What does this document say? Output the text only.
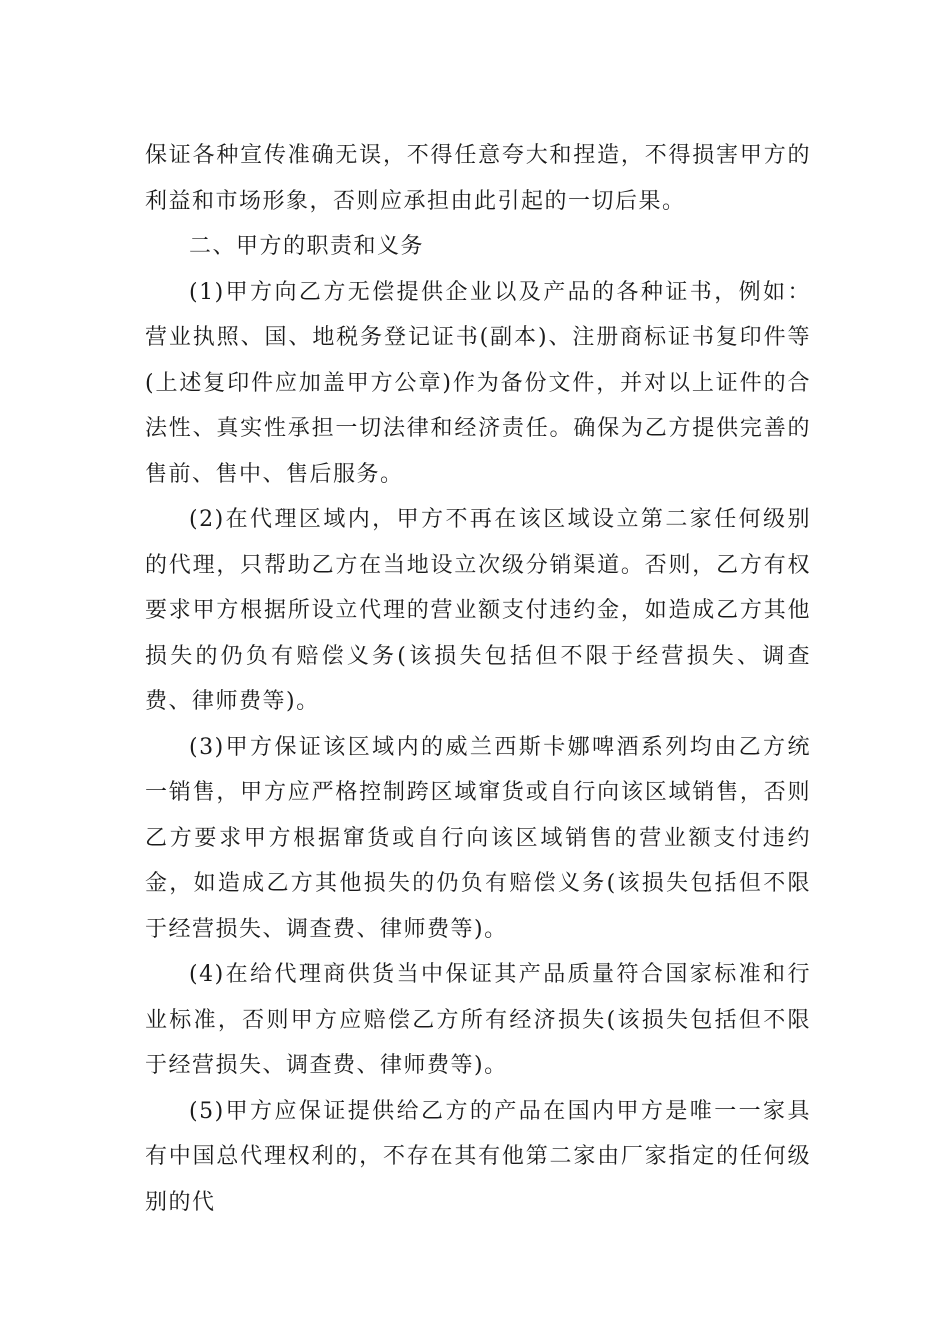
保证各种宣传准确无误，不得任意夸大和捏造，不得损害甲方的利益和市场形象，否则应承担由此引起的一切后果。

二、甲方的职责和义务

(1)甲方向乙方无偿提供企业以及产品的各种证书，例如：营业执照、国、地税务登记证书(副本)、注册商标证书复印件等(上述复印件应加盖甲方公章)作为备份文件，并对以上证件的合法性、真实性承担一切法律和经济责任。确保为乙方提供完善的售前、售中、售后服务。

(2)在代理区域内，甲方不再在该区域设立第二家任何级别的代理，只帮助乙方在当地设立次级分销渠道。否则，乙方有权要求甲方根据所设立代理的营业额支付违约金，如造成乙方其他损失的仍负有赔偿义务(该损失包括但不限于经营损失、调查费、律师费等)。

(3)甲方保证该区域内的威兰西斯卡娜啤酒系列均由乙方统一销售，甲方应严格控制跨区域窜货或自行向该区域销售，否则乙方要求甲方根据窜货或自行向该区域销售的营业额支付违约金，如造成乙方其他损失的仍负有赔偿义务(该损失包括但不限于经营损失、调查费、律师费等)。

(4)在给代理商供货当中保证其产品质量符合国家标准和行业标准，否则甲方应赔偿乙方所有经济损失(该损失包括但不限于经营损失、调查费、律师费等)。

(5)甲方应保证提供给乙方的产品在国内甲方是唯一一家具有中国总代理权利的，不存在其有他第二家由厂家指定的任何级别的代
